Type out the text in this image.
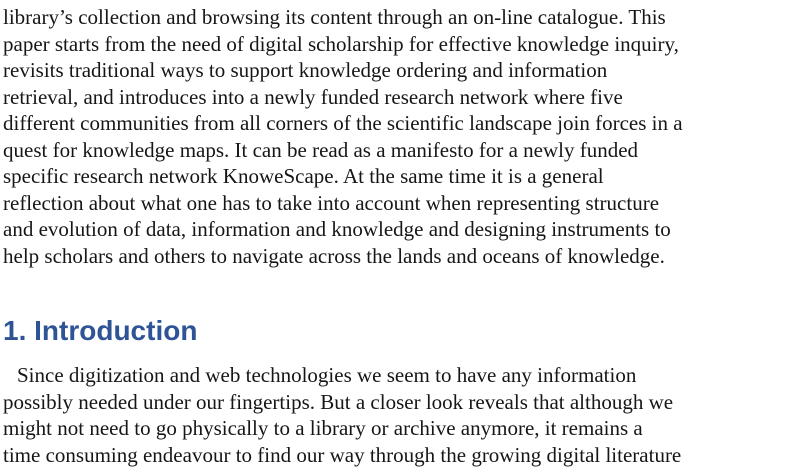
library’s collection and browsing its content through an on-line catalogue. This
paper starts from the need of digital scholarship for effective knowledge inquiry,
revisits traditional ways to support knowledge ordering and information
retrieval, and introduces into a newly funded research network where five
different communities from all corners of the scientific landscape join forces in a
quest for knowledge maps. It can be read as a manifesto for a newly funded
specific research network KnoweScape. At the same time it is a general
reflection about what one has to take into account when representing structure
and evolution of data, information and knowledge and designing instruments to
help scholars and others to navigate across the lands and oceans of knowledge.
1. Introduction
Since digitization and web technologies we seem to have any information
possibly needed under our fingertips. But a closer look reveals that although we
might not need to go physically to a library or archive anymore, it remains a
time consuming endeavour to find our way through the growing digital literature
